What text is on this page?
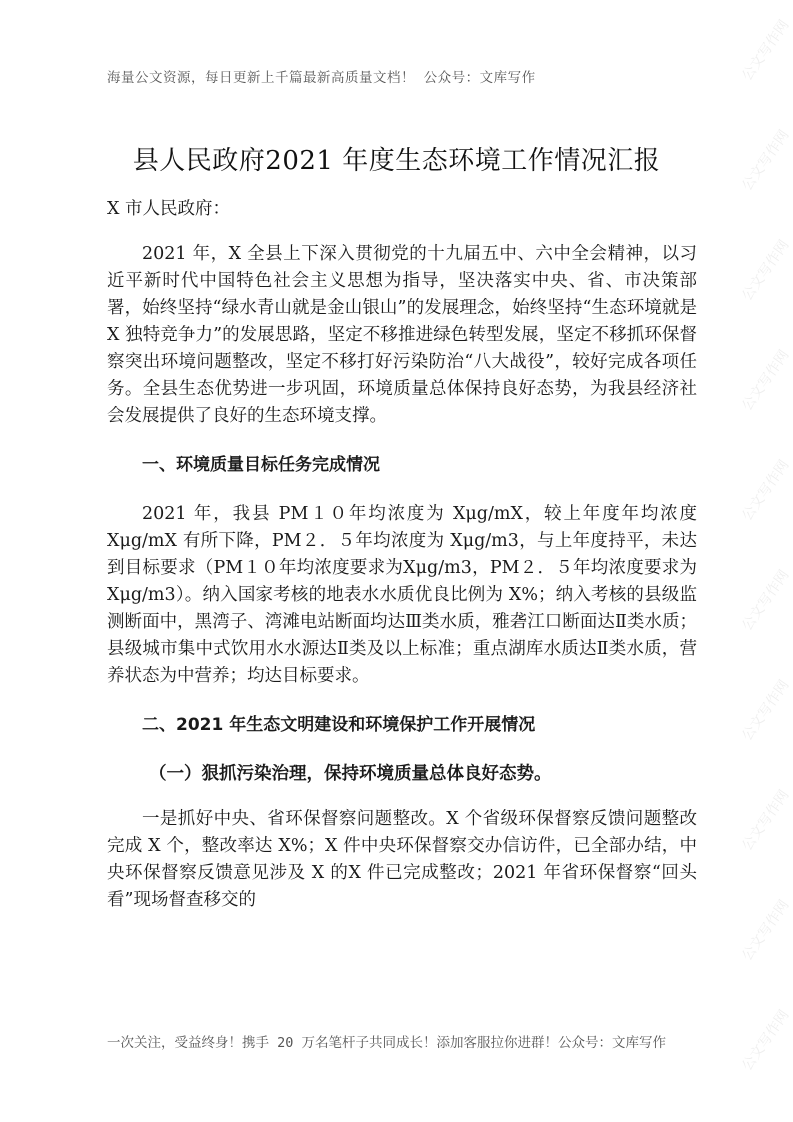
公文写作网
公文写作网
公文写作网
公文写作网
公文写作网
公文写作网
公文写作网
公文写作网
公文写作网
公文写作网
海量公文资源，每日更新上千篇最新高质量文档！ 公众号：文库写作
县人民政府2021 年度生态环境工作情况汇报

X 市人民政府：

2021 年，X 全县上下深入贯彻党的十九届五中、六中全会精神，以习近平新时代中国特色社会主义思想为指导，坚决落实中央、省、市决策部署，始终坚持“绿水青山就是金山银山”的发展理念，始终坚持“生态环境就是 X 独特竞争力”的发展思路，坚定不移推进绿色转型发展，坚定不移抓环保督察突出环境问题整改，坚定不移打好污染防治“八大战役”，较好完成各项任务。全县生态优势进一步巩固，环境质量总体保持良好态势，为我县经济社会发展提供了良好的生态环境支撑。

一、环境质量目标任务完成情况

2021 年，我县 PM１０年均浓度为 Xμg/mX，较上年度年均浓度 Xμg/mX 有所下降，PM２．５年均浓度为 Xμg/m3，与上年度持平，未达到目标要求（PM１０年均浓度要求为Xμg/m3，PM２．５年均浓度要求为 Xμg/m3）。纳入国家考核的地表水水质优良比例为 X%；纳入考核的县级监测断面中，黑湾子、湾滩电站断面均达Ⅲ类水质，雅砻江口断面达Ⅱ类水质；县级城市集中式饮用水水源达Ⅱ类及以上标准；重点湖库水质达Ⅱ类水质，营养状态为中营养；均达目标要求。

二、2021 年生态文明建设和环境保护工作开展情况

（一）狠抓污染治理，保持环境质量总体良好态势。

一是抓好中央、省环保督察问题整改。X 个省级环保督察反馈问题整改完成 X 个，整改率达 X%；X 件中央环保督察交办信访件，已全部办结，中央环保督察反馈意见涉及 X 的X 件已完成整改；2021 年省环保督察“回头看”现场督查移交的

一次关注，受益终身！携手 20 万名笔杆子共同成长！添加客服拉你进群！公众号：文库写作
